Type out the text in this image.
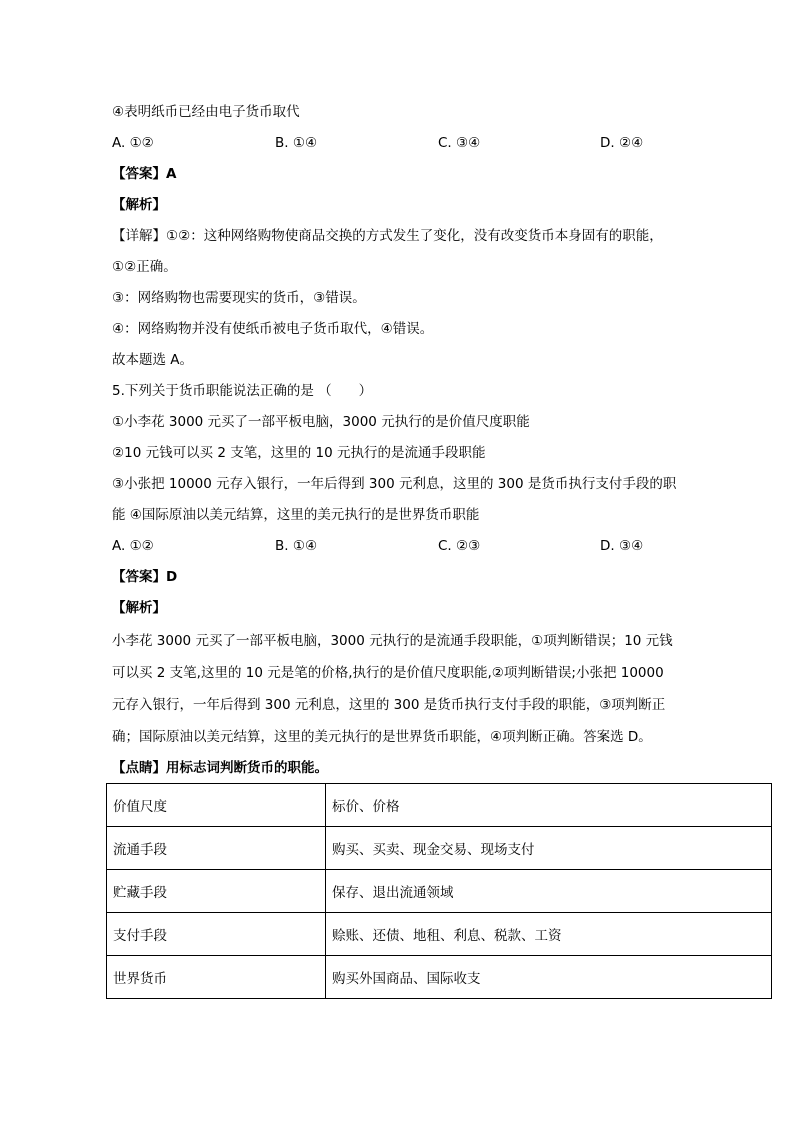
④表明纸币已经由电子货币取代
A. ①②	B. ①④	C. ③④	D. ②④
【答案】A
【解析】
【详解】①②：这种网络购物使商品交换的方式发生了变化，没有改变货币本身固有的职能，
①②正确。
③：网络购物也需要现实的货币，③错误。
④：网络购物并没有使纸币被电子货币取代，④错误。
故本题选 A。
5.下列关于货币职能说法正确的是 （　　）
①小李花 3000 元买了一部平板电脑，3000 元执行的是价值尺度职能
②10 元钱可以买 2 支笔，这里的 10 元执行的是流通手段职能
③小张把 10000 元存入银行，一年后得到 300 元利息，这里的 300 是货币执行支付手段的职
能 ④国际原油以美元结算，这里的美元执行的是世界货币职能
A. ①②	B. ①④	C. ②③	D. ③④
【答案】D
【解析】
小李花 3000 元买了一部平板电脑，3000 元执行的是流通手段职能，①项判断错误；10 元钱
可以买 2 支笔,这里的 10 元是笔的价格,执行的是价值尺度职能,②项判断错误;小张把 10000
元存入银行，一年后得到 300 元利息，这里的 300 是货币执行支付手段的职能，③项判断正
确；国际原油以美元结算，这里的美元执行的是世界货币职能，④项判断正确。答案选 D。
【点睛】用标志词判断货币的职能。
价值尺度	标价、价格
流通手段	购买、买卖、现金交易、现场支付
贮藏手段	保存、退出流通领域
支付手段	赊账、还债、地租、利息、税款、工资
世界货币	购买外国商品、国际收支
